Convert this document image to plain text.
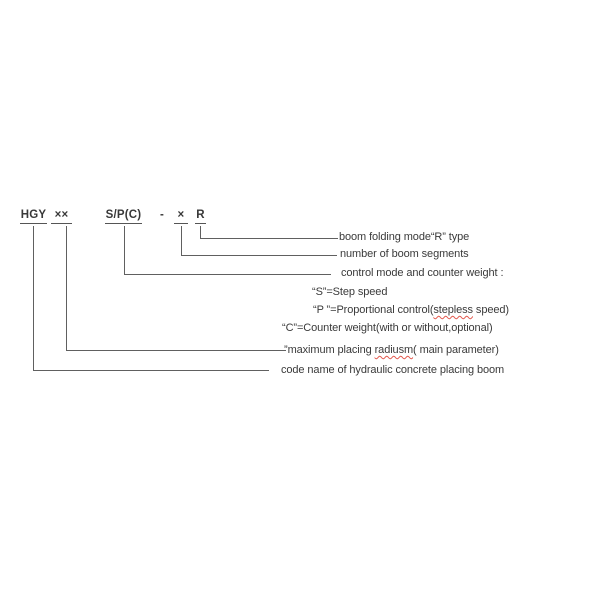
HGY ××	S/P(C) -	×	R
boom folding mode“R” type
number of boom segments
control mode and counter weight :
“S”=Step speed
“P ”=Proportional control(stepless speed)
“C”=Counter weight(with or without,optional)
”maximum placing radiusm( main parameter)
code name of hydraulic concrete placing boom
